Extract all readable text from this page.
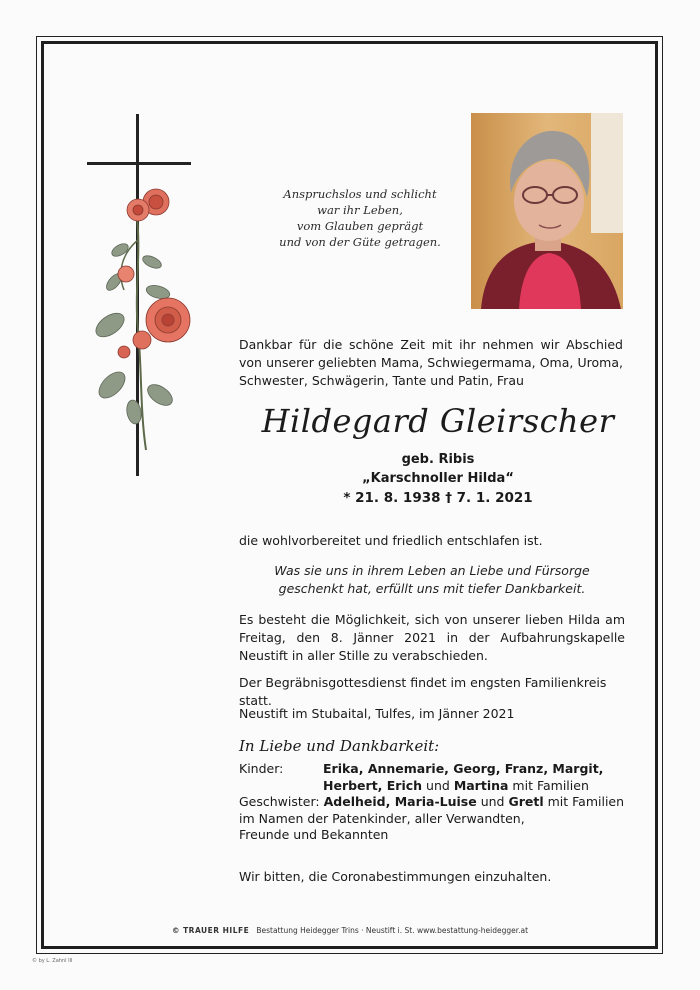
Anspruchslos und schlicht
war ihr Leben,
vom Glauben geprägt
und von der Güte getragen.
Dankbar für die schöne Zeit mit ihr nehmen wir Abschied von unserer geliebten Mama, Schwiegermama, Oma, Uroma, Schwester, Schwägerin, Tante und Patin, Frau
Hildegard Gleirscher
geb. Ribis
„Karschnoller Hilda“
* 21. 8. 1938 † 7. 1. 2021
die wohlvorbereitet und friedlich entschlafen ist.
Was sie uns in ihrem Leben an Liebe und Fürsorge
geschenkt hat, erfüllt uns mit tiefer Dankbarkeit.
Es besteht die Möglichkeit, sich von unserer lieben Hilda am Freitag, den 8. Jänner 2021 in der Aufbahrungskapelle Neustift in aller Stille zu verabschieden.
Der Begräbnisgottesdienst findet im engsten Familienkreis statt.
Neustift im Stubaital, Tulfes, im Jänner 2021
In Liebe und Dankbarkeit:
Kinder:	Erika, Annemarie, Georg, Franz, Margit,
Herbert, Erich und Martina mit Familien
Geschwister: Adelheid, Maria-Luise und Gretl mit Familien
im Namen der Patenkinder, aller Verwandten,
Freunde und Bekannten
Wir bitten, die Coronabestimmungen einzuhalten.
© TRAUER HILFE Bestattung Heidegger Trins · Neustift i. St. www.bestattung-heidegger.at
© by L. Zahnl III
